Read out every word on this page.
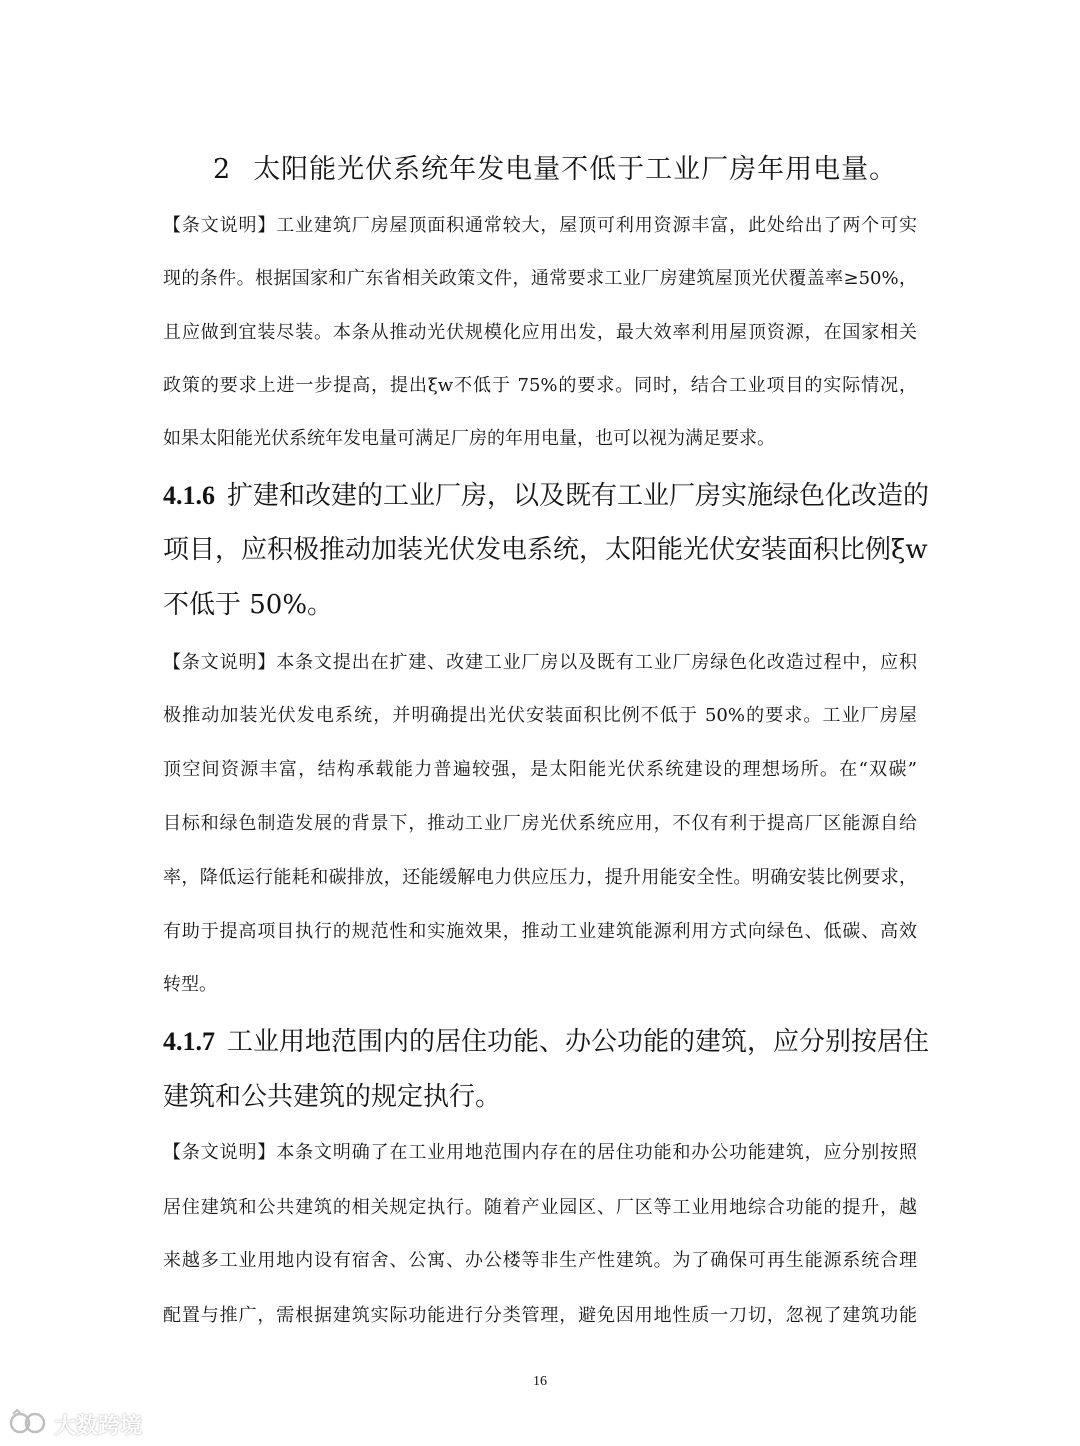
2 太阳能光伏系统年发电量不低于工业厂房年用电量。
【条文说明】工业建筑厂房屋顶面积通常较大，屋顶可利用资源丰富，此处给出了两个可实
现的条件。根据国家和广东省相关政策文件，通常要求工业厂房建筑屋顶光伏覆盖率≥50%，
且应做到宜装尽装。本条从推动光伏规模化应用出发，最大效率利用屋顶资源，在国家相关
政策的要求上进一步提高，提出ξw不低于 75%的要求。同时，结合工业项目的实际情况，
如果太阳能光伏系统年发电量可满足厂房的年用电量，也可以视为满足要求。
4.1.6 扩建和改建的工业厂房，以及既有工业厂房实施绿色化改造的
项目，应积极推动加装光伏发电系统，太阳能光伏安装面积比例ξw
不低于 50%。
【条文说明】本条文提出在扩建、改建工业厂房以及既有工业厂房绿色化改造过程中，应积
极推动加装光伏发电系统，并明确提出光伏安装面积比例不低于 50%的要求。工业厂房屋
顶空间资源丰富，结构承载能力普遍较强，是太阳能光伏系统建设的理想场所。在“双碳”
目标和绿色制造发展的背景下，推动工业厂房光伏系统应用，不仅有利于提高厂区能源自给
率，降低运行能耗和碳排放，还能缓解电力供应压力，提升用能安全性。明确安装比例要求，
有助于提高项目执行的规范性和实施效果，推动工业建筑能源利用方式向绿色、低碳、高效
转型。
4.1.7 工业用地范围内的居住功能、办公功能的建筑，应分别按居住
建筑和公共建筑的规定执行。
【条文说明】本条文明确了在工业用地范围内存在的居住功能和办公功能建筑，应分别按照
居住建筑和公共建筑的相关规定执行。随着产业园区、厂区等工业用地综合功能的提升，越
来越多工业用地内设有宿舍、公寓、办公楼等非生产性建筑。为了确保可再生能源系统合理
配置与推广，需根据建筑实际功能进行分类管理，避免因用地性质一刀切，忽视了建筑功能
16
大数跨境
